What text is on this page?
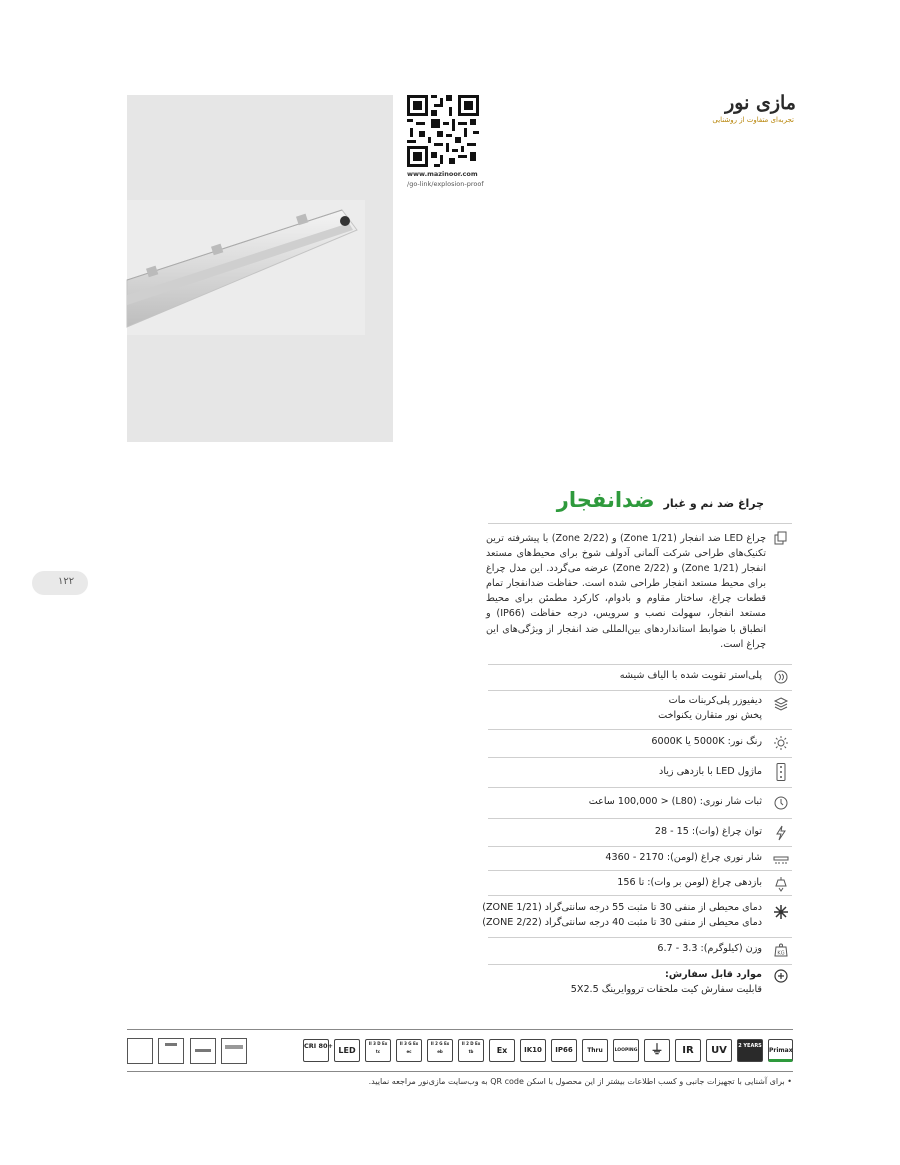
www.mazinoor.com
/go-link/explosion-proof
مازی نور
تجربه‌ای متفاوت از روشنایی
۱۲۲
چراغ ضد نم و غبار ضدانفجار
چراغ LED ضد انفجار (Zone 1/21) و (Zone 2/22) با پیشرفته ترین تکنیک‌های طراحی شرکت آلمانی آدولف شوخ برای محیط‌های مستعد انفجار (Zone 1/21) و (Zone 2/22) عرضه می‌گردد. این مدل چراغ برای محیط مستعد انفجار طراحی شده است. حفاظت ضدانفجار تمام قطعات چراغ، ساختار مقاوم و بادوام، کارکرد مطمئن برای محیط مستعد انفجار، سهولت نصب و سرویس، درجه حفاظت (IP66) و انطباق با ضوابط استانداردهای بین‌المللی ضد انفجار از ویژگی‌های این چراغ است.
پلی‌استر تقویت شده با الیاف شیشه
دیفیوزر پلی‌کربنات مات
پخش نور متقارن یکنواخت
رنگ نور: 5000K یا 6000K
ماژول LED با بازدهی زیاد
ثبات شار نوری: (L80) < 100,000 ساعت
توان چراغ (وات): 15 - 28
شار نوری چراغ (لومن): 2170 - 4360
بازدهی چراغ (لومن بر وات): تا 156
دمای محیطی از منفی 30 تا مثبت 55 درجه سانتی‌گراد (ZONE 1/21)
دمای محیطی از منفی 30 تا مثبت 40 درجه سانتی‌گراد (ZONE 2/22)
KG
وزن (کیلوگرم): 3.3 - 6.7
موارد قابل سفارش:
قابلیت سفارش کیت ملحقات تروو‌ایرینگ 5X2.5
CRI 80+ LED
II 3 D Ex tc
II 3 G Ex ec
II 2 G Ex eb
II 2 D Ex tb	Ex	IK10	IP66	Thru	LOOPING	⏚	IR	UV	2 YEARS
Primax
• برای آشنایی با تجهیزات جانبی و کسب اطلاعات بیشتر از این محصول با اسکن QR code به وب‌سایت مازی‌نور مراجعه نمایید.
